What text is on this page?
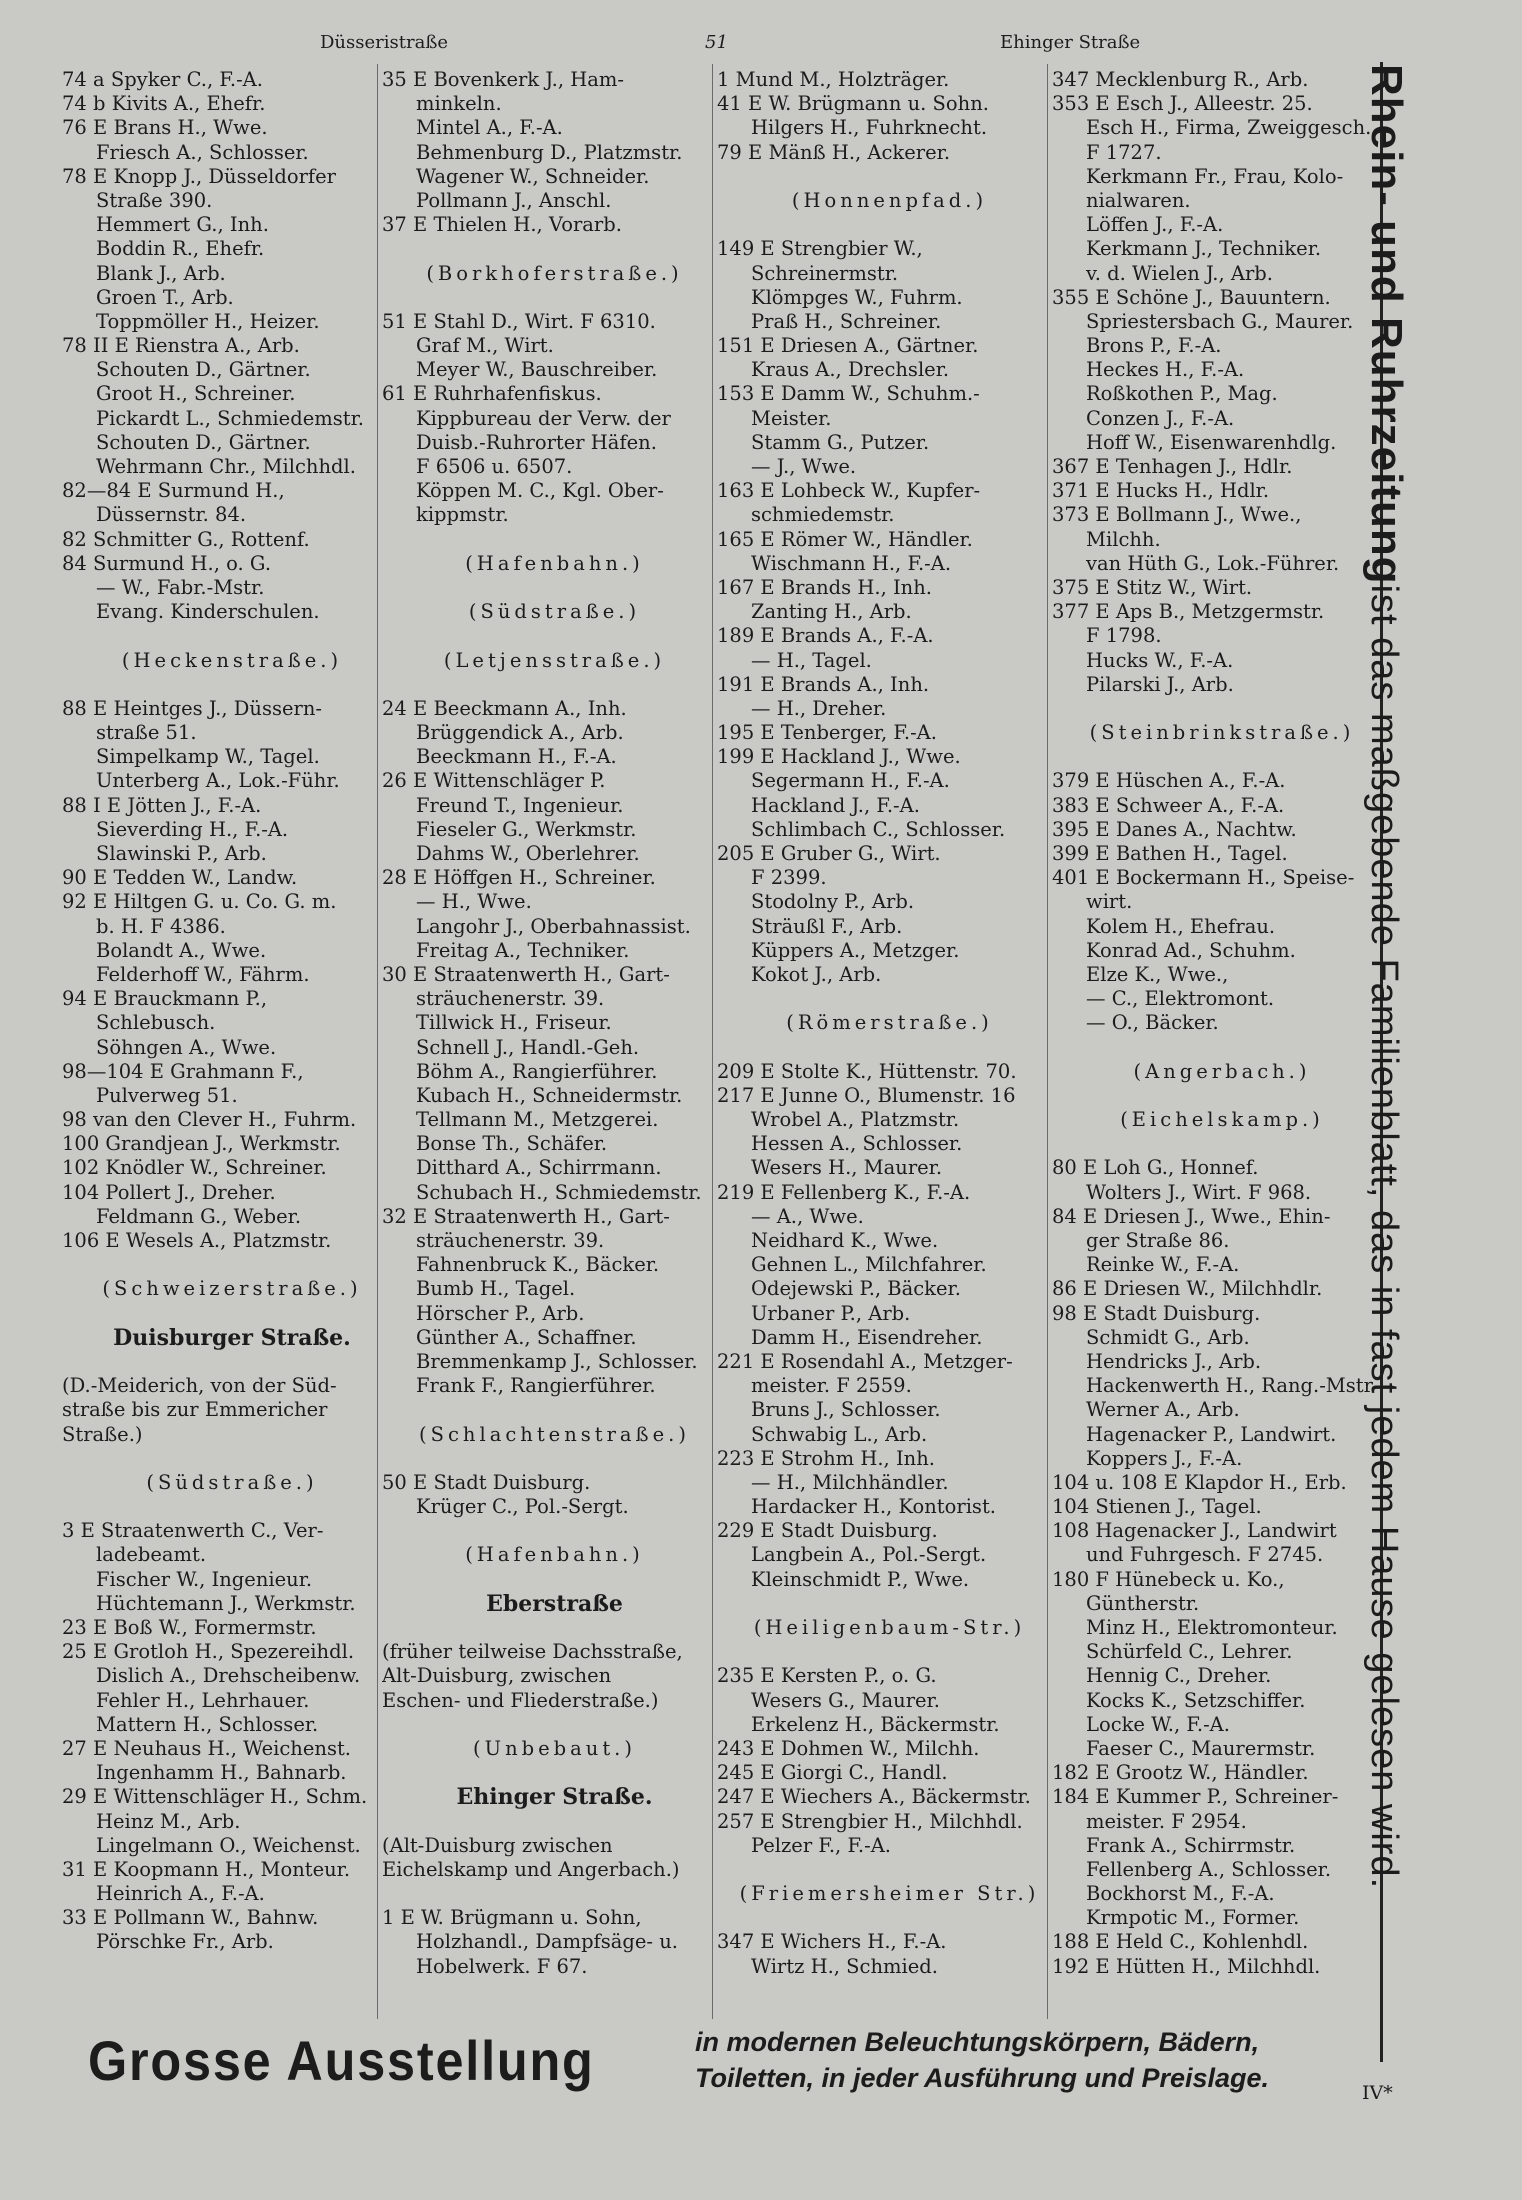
Düsseristraße	51	Ehinger Straße
74 a Spyker C., F.-A.
74 b Kivits A., Ehefr.
76 E Brans H., Wwe.
Friesch A., Schlosser.
78 E Knopp J., Düsseldorfer
Straße 390.
Hemmert G., Inh.
Boddin R., Ehefr.
Blank J., Arb.
Groen T., Arb.
Toppmöller H., Heizer.
78 II E Rienstra A., Arb.
Schouten D., Gärtner.
Groot H., Schreiner.
Pickardt L., Schmiedemstr.
Schouten D., Gärtner.
Wehrmann Chr., Milchhdl.
82—84 E Surmund H.,
Düssernstr. 84.
82 Schmitter G., Rottenf.
84 Surmund H., o. G.
— W., Fabr.-Mstr.
Evang. Kinderschulen.
(Heckenstraße.)
88 E Heintges J., Düssern-
straße 51.
Simpelkamp W., Tagel.
Unterberg A., Lok.-Führ.
88 I E Jötten J., F.-A.
Sieverding H., F.-A.
Slawinski P., Arb.
90 E Tedden W., Landw.
92 E Hiltgen G. u. Co. G. m.
b. H. F 4386.
Bolandt A., Wwe.
Felderhoff W., Fährm.
94 E Brauckmann P.,
Schlebusch.
Söhngen A., Wwe.
98—104 E Grahmann F.,
Pulverweg 51.
98 van den Clever H., Fuhrm.
100 Grandjean J., Werkmstr.
102 Knödler W., Schreiner.
104 Pollert J., Dreher.
Feldmann G., Weber.
106 E Wesels A., Platzmstr.
(Schweizerstraße.)
Duisburger Straße.
(D.-Meiderich, von der Süd-
straße bis zur Emmericher
Straße.)
(Südstraße.)
3 E Straatenwerth C., Ver-
ladebeamt.
Fischer W., Ingenieur.
Hüchtemann J., Werkmstr.
23 E Boß W., Formermstr.
25 E Grotloh H., Spezereihdl.
Dislich A., Drehscheibenw.
Fehler H., Lehrhauer.
Mattern H., Schlosser.
27 E Neuhaus H., Weichenst.
Ingenhamm H., Bahnarb.
29 E Wittenschläger H., Schm.
Heinz M., Arb.
Lingelmann O., Weichenst.
31 E Koopmann H., Monteur.
Heinrich A., F.-A.
33 E Pollmann W., Bahnw.
Pörschke Fr., Arb.
35 E Bovenkerk J., Ham-
minkeln.
Mintel A., F.-A.
Behmenburg D., Platzmstr.
Wagener W., Schneider.
Pollmann J., Anschl.
37 E Thielen H., Vorarb.
(Borkhoferstraße.)
51 E Stahl D., Wirt. F 6310.
Graf M., Wirt.
Meyer W., Bauschreiber.
61 E Ruhrhafenfiskus.
Kippbureau der Verw. der
Duisb.-Ruhrorter Häfen.
F 6506 u. 6507.
Köppen M. C., Kgl. Ober-
kippmstr.
(Hafenbahn.)
(Südstraße.)
(Letjensstraße.)
24 E Beeckmann A., Inh.
Brüggendick A., Arb.
Beeckmann H., F.-A.
26 E Wittenschläger P.
Freund T., Ingenieur.
Fieseler G., Werkmstr.
Dahms W., Oberlehrer.
28 E Höffgen H., Schreiner.
— H., Wwe.
Langohr J., Oberbahnassist.
Freitag A., Techniker.
30 E Straatenwerth H., Gart-
sträuchenerstr. 39.
Tillwick H., Friseur.
Schnell J., Handl.-Geh.
Böhm A., Rangierführer.
Kubach H., Schneidermstr.
Tellmann M., Metzgerei.
Bonse Th., Schäfer.
Ditthard A., Schirrmann.
Schubach H., Schmiedemstr.
32 E Straatenwerth H., Gart-
sträuchenerstr. 39.
Fahnenbruck K., Bäcker.
Bumb H., Tagel.
Hörscher P., Arb.
Günther A., Schaffner.
Bremmenkamp J., Schlosser.
Frank F., Rangierführer.
(Schlachtenstraße.)
50 E Stadt Duisburg.
Krüger C., Pol.-Sergt.
(Hafenbahn.)
Eberstraße
(früher teilweise Dachsstraße,
Alt-Duisburg, zwischen
Eschen- und Fliederstraße.)
(Unbebaut.)
Ehinger Straße.
(Alt-Duisburg zwischen
Eichelskamp und Angerbach.)
1 E W. Brügmann u. Sohn,
Holzhandl., Dampfsäge- u.
Hobelwerk. F 67.
1 Mund M., Holzträger.
41 E W. Brügmann u. Sohn.
Hilgers H., Fuhrknecht.
79 E Mänß H., Ackerer.
(Honnenpfad.)
149 E Strengbier W.,
Schreinermstr.
Klömpges W., Fuhrm.
Praß H., Schreiner.
151 E Driesen A., Gärtner.
Kraus A., Drechsler.
153 E Damm W., Schuhm.-
Meister.
Stamm G., Putzer.
— J., Wwe.
163 E Lohbeck W., Kupfer-
schmiedemstr.
165 E Römer W., Händler.
Wischmann H., F.-A.
167 E Brands H., Inh.
Zanting H., Arb.
189 E Brands A., F.-A.
— H., Tagel.
191 E Brands A., Inh.
— H., Dreher.
195 E Tenberger, F.-A.
199 E Hackland J., Wwe.
Segermann H., F.-A.
Hackland J., F.-A.
Schlimbach C., Schlosser.
205 E Gruber G., Wirt.
F 2399.
Stodolny P., Arb.
Sträußl F., Arb.
Küppers A., Metzger.
Kokot J., Arb.
(Römerstraße.)
209 E Stolte K., Hüttenstr. 70.
217 E Junne O., Blumenstr. 16
Wrobel A., Platzmstr.
Hessen A., Schlosser.
Wesers H., Maurer.
219 E Fellenberg K., F.-A.
— A., Wwe.
Neidhard K., Wwe.
Gehnen L., Milchfahrer.
Odejewski P., Bäcker.
Urbaner P., Arb.
Damm H., Eisendreher.
221 E Rosendahl A., Metzger-
meister. F 2559.
Bruns J., Schlosser.
Schwabig L., Arb.
223 E Strohm H., Inh.
— H., Milchhändler.
Hardacker H., Kontorist.
229 E Stadt Duisburg.
Langbein A., Pol.-Sergt.
Kleinschmidt P., Wwe.
(Heiligenbaum-Str.)
235 E Kersten P., o. G.
Wesers G., Maurer.
Erkelenz H., Bäckermstr.
243 E Dohmen W., Milchh.
245 E Giorgi C., Handl.
247 E Wiechers A., Bäckermstr.
257 E Strengbier H., Milchhdl.
Pelzer F., F.-A.
(Friemersheimer Str.)
347 E Wichers H., F.-A.
Wirtz H., Schmied.
347 Mecklenburg R., Arb.
353 E Esch J., Alleestr. 25.
Esch H., Firma, Zweiggesch.
F 1727.
Kerkmann Fr., Frau, Kolo-
nialwaren.
Löffen J., F.-A.
Kerkmann J., Techniker.
v. d. Wielen J., Arb.
355 E Schöne J., Bauuntern.
Spriestersbach G., Maurer.
Brons P., F.-A.
Heckes H., F.-A.
Roßkothen P., Mag.
Conzen J., F.-A.
Hoff W., Eisenwarenhdlg.
367 E Tenhagen J., Hdlr.
371 E Hucks H., Hdlr.
373 E Bollmann J., Wwe.,
Milchh.
van Hüth G., Lok.-Führer.
375 E Stitz W., Wirt.
377 E Aps B., Metzgermstr.
F 1798.
Hucks W., F.-A.
Pilarski J., Arb.
(Steinbrinkstraße.)
379 E Hüschen A., F.-A.
383 E Schweer A., F.-A.
395 E Danes A., Nachtw.
399 E Bathen H., Tagel.
401 E Bockermann H., Speise-
wirt.
Kolem H., Ehefrau.
Konrad Ad., Schuhm.
Elze K., Wwe.,
— C., Elektromont.
— O., Bäcker.
(Angerbach.)
(Eichelskamp.)
80 E Loh G., Honnef.
Wolters J., Wirt. F 968.
84 E Driesen J., Wwe., Ehin-
ger Straße 86.
Reinke W., F.-A.
86 E Driesen W., Milchhdlr.
98 E Stadt Duisburg.
Schmidt G., Arb.
Hendricks J., Arb.
Hackenwerth H., Rang.-Mstr
Werner A., Arb.
Hagenacker P., Landwirt.
Koppers J., F.-A.
104 u. 108 E Klapdor H., Erb.
104 Stienen J., Tagel.
108 Hagenacker J., Landwirt
und Fuhrgesch. F 2745.
180 F Hünebeck u. Ko.,
Güntherstr.
Minz H., Elektromonteur.
Schürfeld C., Lehrer.
Hennig C., Dreher.
Kocks K., Setzschiffer.
Locke W., F.-A.
Faeser C., Maurermstr.
182 E Grootz W., Händler.
184 E Kummer P., Schreiner-
meister. F 2954.
Frank A., Schirrmstr.
Fellenberg A., Schlosser.
Bockhorst M., F.-A.
Krmpotic M., Former.
188 E Held C., Kohlenhdl.
192 E Hütten H., Milchhdl.
Rhein- und Ruhrzeitungist das maßgebende Familienblatt, das in fast jedem Hause gelesen wird.
Grosse Ausstellung	in modernen Beleuchtungskörpern, Bädern,
Toiletten, in jeder Ausführung und Preislage.	IV*
